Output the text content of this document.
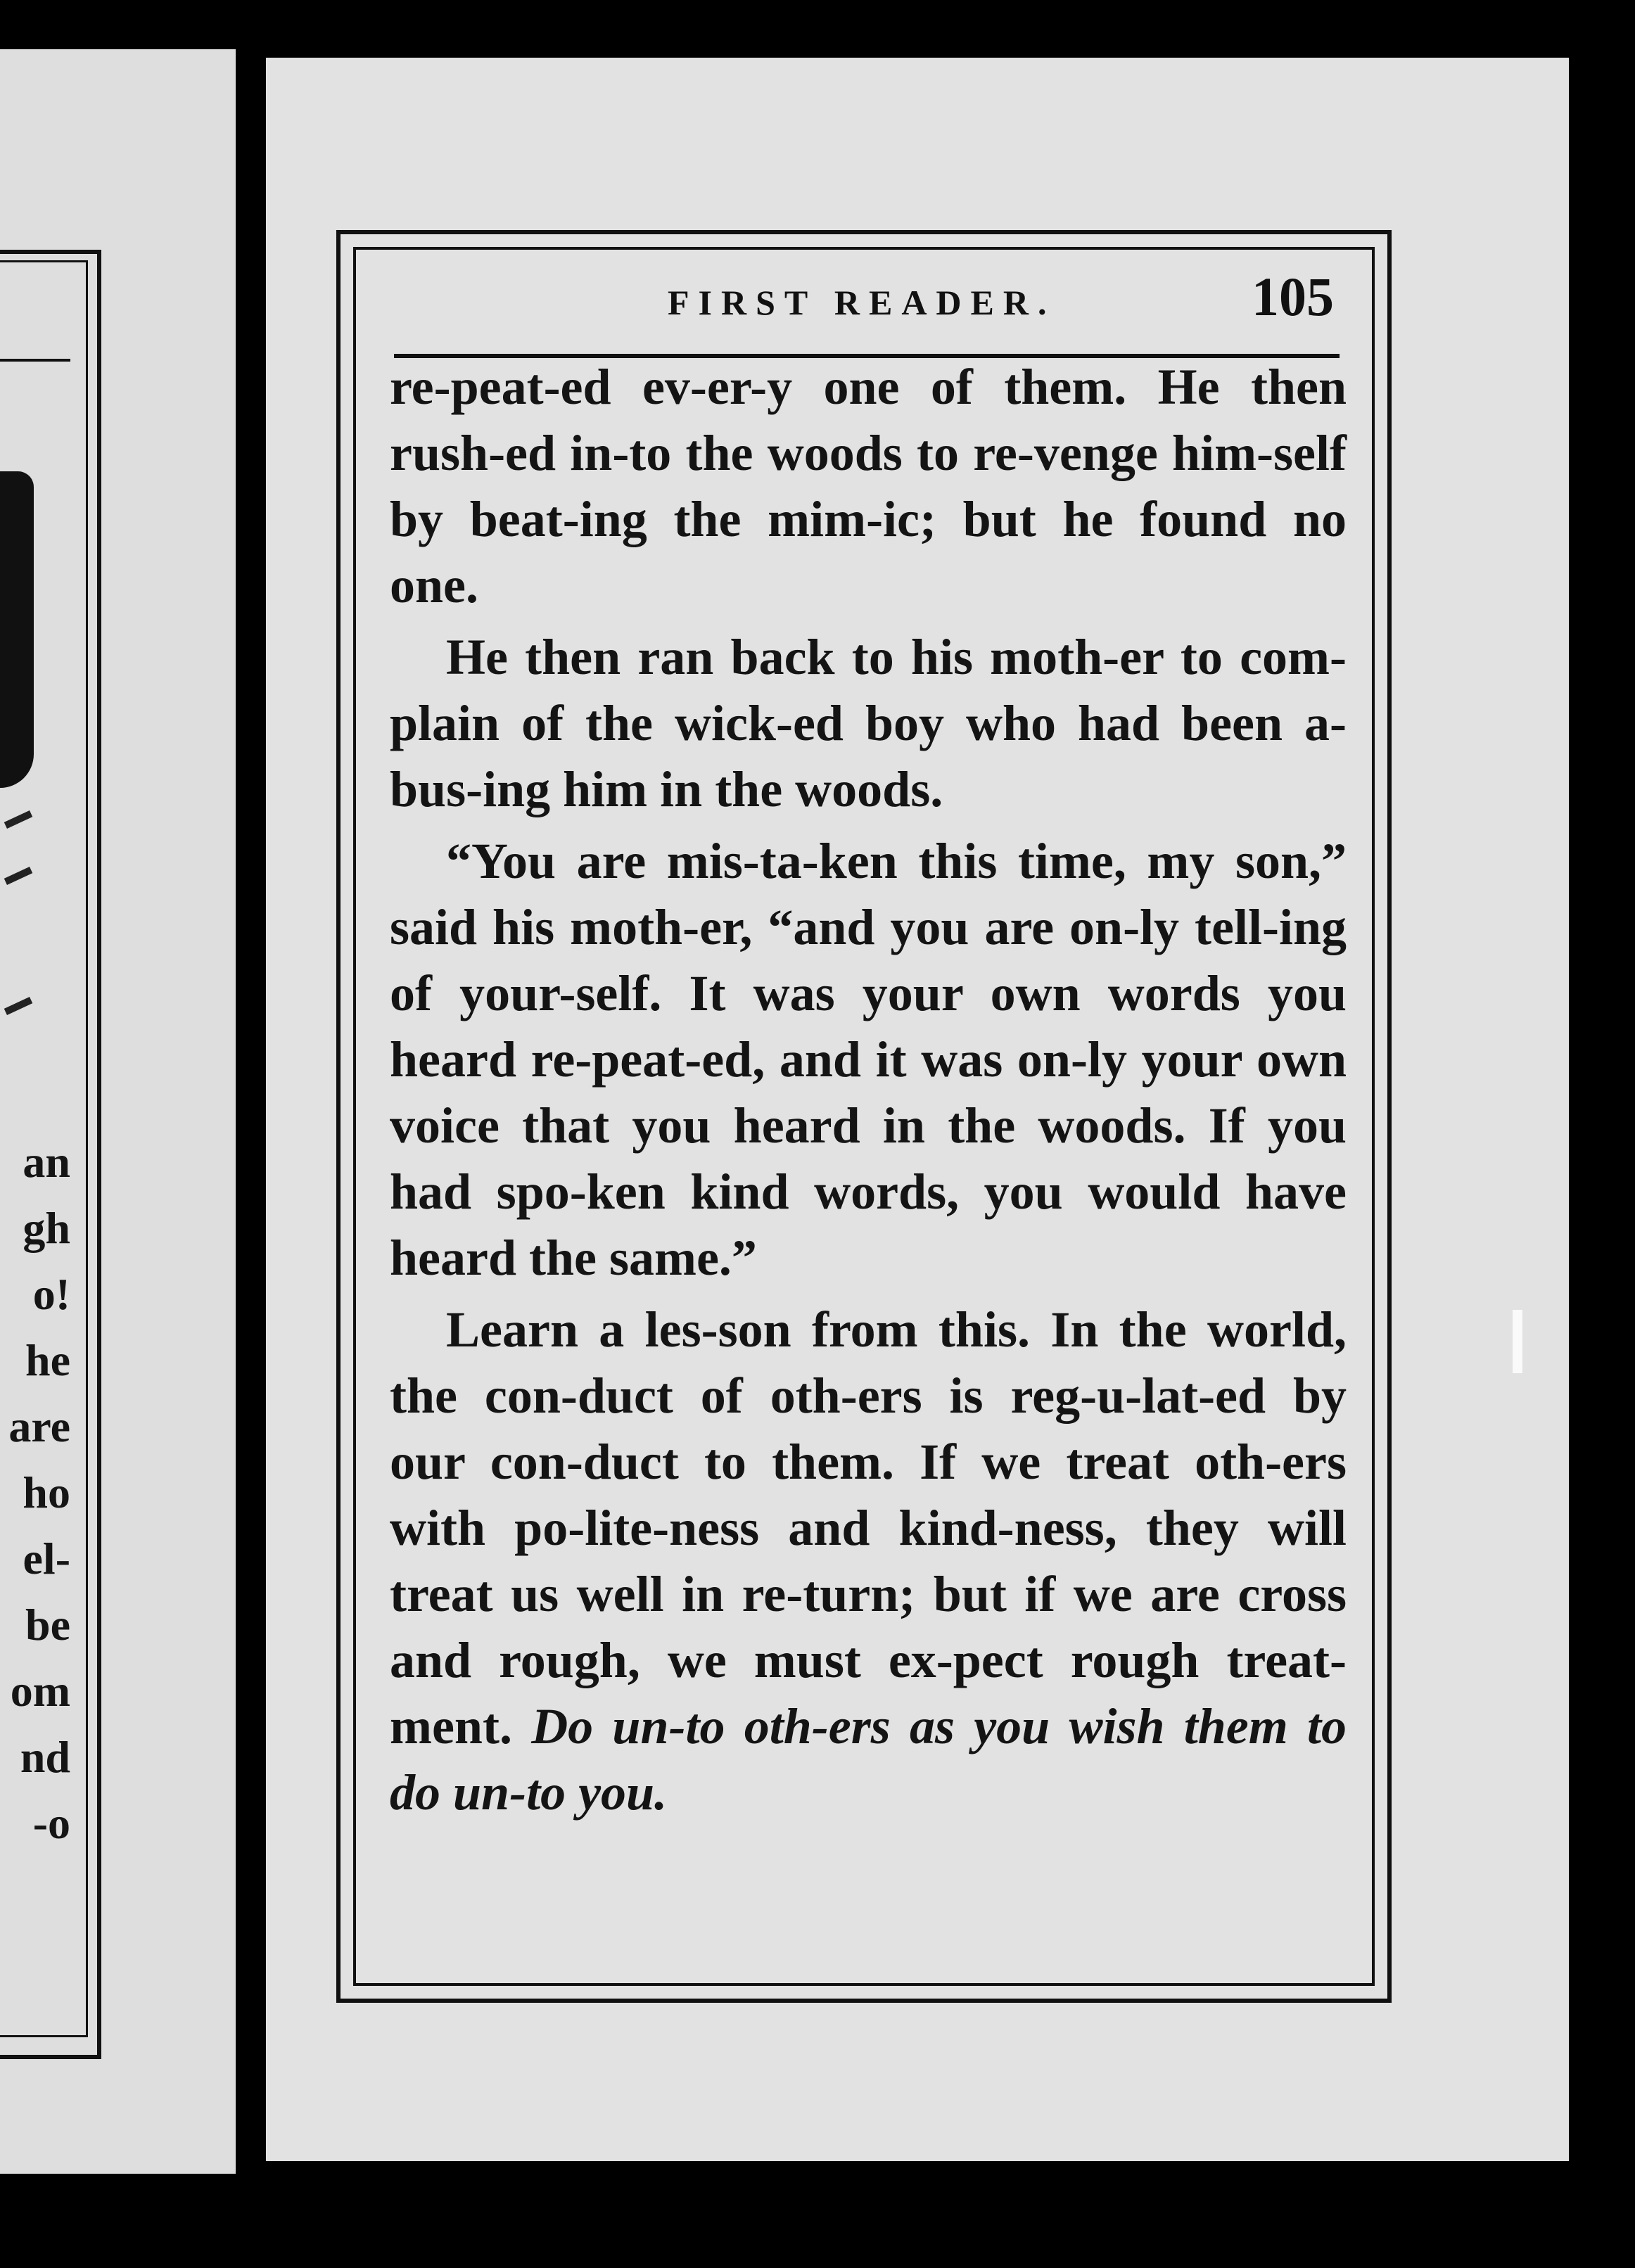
an
gh
o!
he
are
ho
el-
be
om
nd
-o
FIRST READER.	105

re-peat-ed ev-er-y one of them. He then rush-ed in-to the woods to re-venge him-self by beat-ing the mim-ic; but he found no one.

He then ran back to his moth-er to com-plain of the wick-ed boy who had been a-bus-ing him in the woods.

“You are mis-ta-ken this time, my son,” said his moth-er, “and you are on-ly tell-ing of your-self. It was your own words you heard re-peat-ed, and it was on-ly your own voice that you heard in the woods. If you had spo-ken kind words, you would have heard the same.”

Learn a les-son from this. In the world, the con-duct of oth-ers is reg-u-lat-ed by our con-duct to them. If we treat oth-ers with po-lite-ness and kind-ness, they will treat us well in re-turn; but if we are cross and rough, we must ex-pect rough treat-ment. Do un-to oth-ers as you wish them to do un-to you.
